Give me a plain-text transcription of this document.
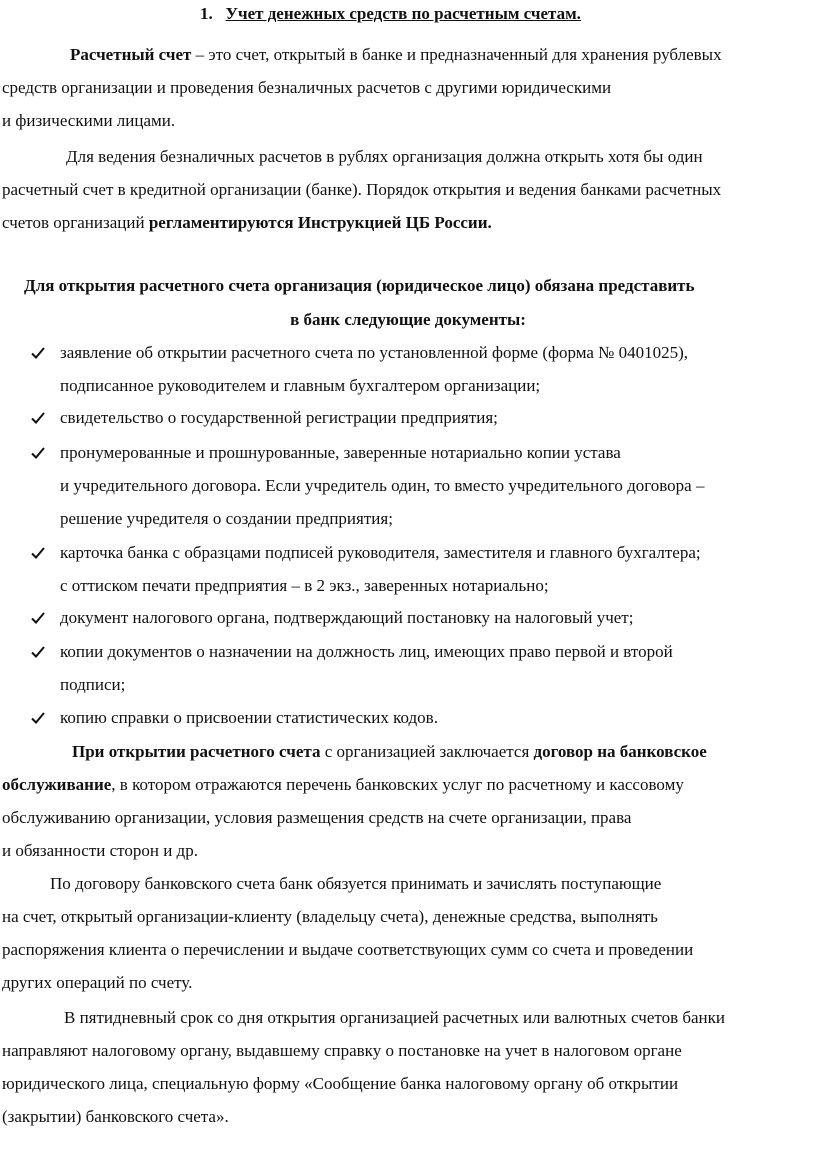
1. Учет денежных средств по расчетным счетам.
Расчетный счет – это счет, открытый в банке и предназначенный для хранения рублевых
средств организации и проведения безналичных расчетов с другими юридическими
и физическими лицами.
Для ведения безналичных расчетов в рублях организация должна открыть хотя бы один
расчетный счет в кредитной организации (банке). Порядок открытия и ведения банками расчетных
счетов организаций регламентируются Инструкцией ЦБ России.
Для открытия расчетного счета организация (юридическое лицо) обязана представить
в банк следующие документы:
заявление об открытии расчетного счета по установленной форме (форма № 0401025),
подписанное руководителем и главным бухгалтером организации;
свидетельство о государственной регистрации предприятия;
пронумерованные и прошнурованные, заверенные нотариально копии устава
и учредительного договора. Если учредитель один, то вместо учредительного договора –
решение учредителя о создании предприятия;
карточка банка с образцами подписей руководителя, заместителя и главного бухгалтера;
с оттиском печати предприятия – в 2 экз., заверенных нотариально;
документ налогового органа, подтверждающий постановку на налоговый учет;
копии документов о назначении на должность лиц, имеющих право первой и второй
подписи;
копию справки о присвоении статистических кодов.
При открытии расчетного счета с организацией заключается договор на банковское
обслуживание, в котором отражаются перечень банковских услуг по расчетному и кассовому
обслуживанию организации, условия размещения средств на счете организации, права
и обязанности сторон и др.
По договору банковского счета банк обязуется принимать и зачислять поступающие
на счет, открытый организации-клиенту (владельцу счета), денежные средства, выполнять
распоряжения клиента о перечислении и выдаче соответствующих сумм со счета и проведении
других операций по счету.
В пятидневный срок со дня открытия организацией расчетных или валютных счетов банки
направляют налоговому органу, выдавшему справку о постановке на учет в налоговом органе
юридического лица, специальную форму «Сообщение банка налоговому органу об открытии
(закрытии) банковского счета».
